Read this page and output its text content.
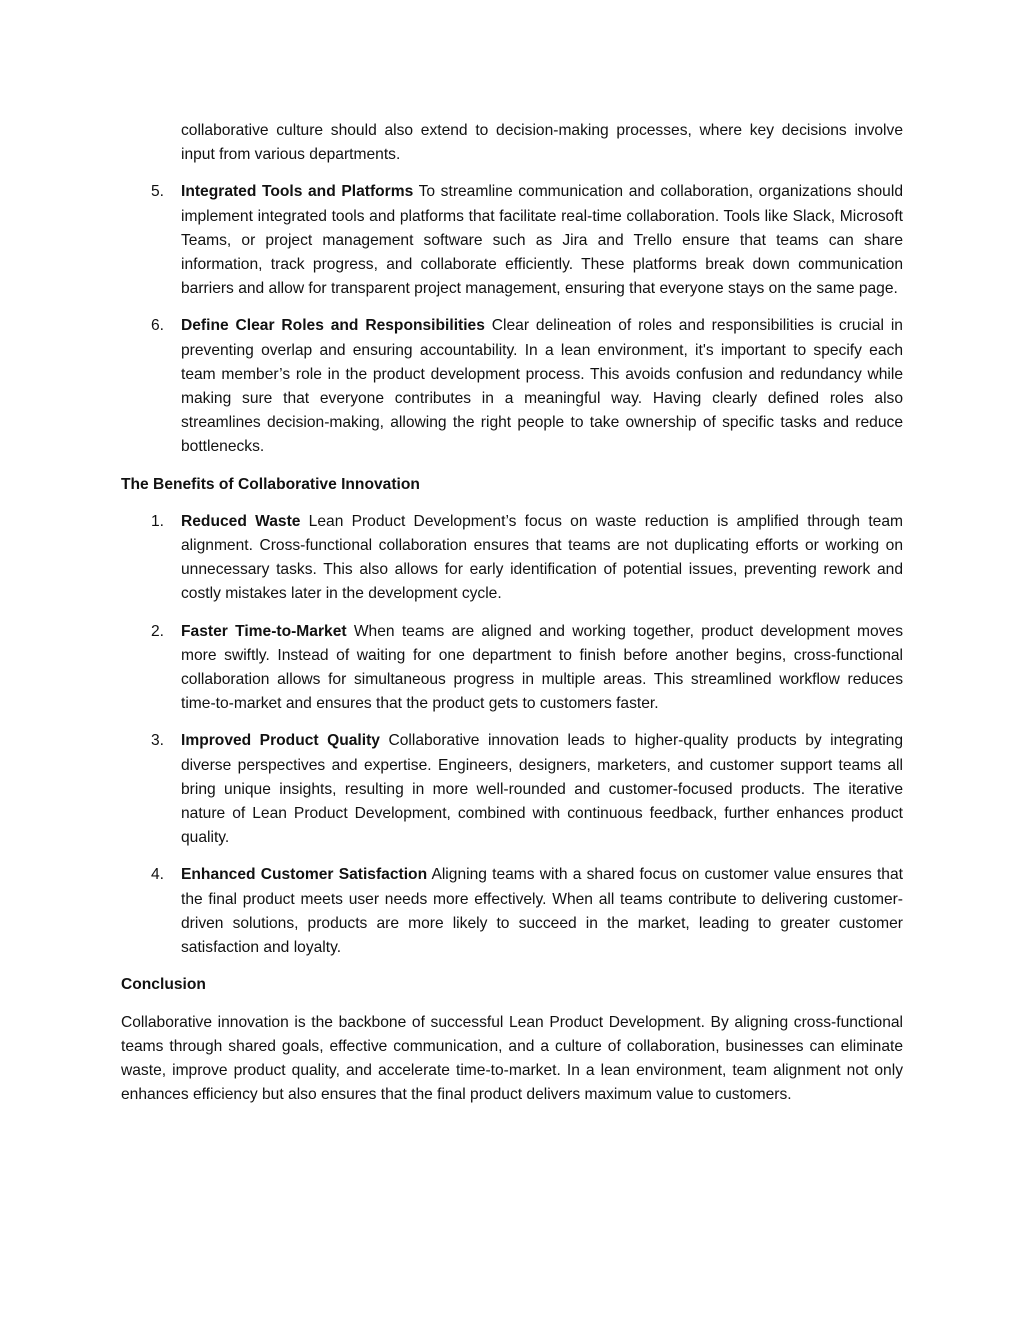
collaborative culture should also extend to decision-making processes, where key decisions involve input from various departments.

5.	Integrated Tools and Platforms To streamline communication and collaboration, organizations should implement integrated tools and platforms that facilitate real-time collaboration. Tools like Slack, Microsoft Teams, or project management software such as Jira and Trello ensure that teams can share information, track progress, and collaborate efficiently. These platforms break down communication barriers and allow for transparent project management, ensuring that everyone stays on the same page.
6.	Define Clear Roles and Responsibilities Clear delineation of roles and responsibilities is crucial in preventing overlap and ensuring accountability. In a lean environment, it's important to specify each team member’s role in the product development process. This avoids confusion and redundancy while making sure that everyone contributes in a meaningful way. Having clearly defined roles also streamlines decision-making, allowing the right people to take ownership of specific tasks and reduce bottlenecks.

The Benefits of Collaborative Innovation

1.	Reduced Waste Lean Product Development’s focus on waste reduction is amplified through team alignment. Cross-functional collaboration ensures that teams are not duplicating efforts or working on unnecessary tasks. This also allows for early identification of potential issues, preventing rework and costly mistakes later in the development cycle.
2.	Faster Time-to-Market When teams are aligned and working together, product development moves more swiftly. Instead of waiting for one department to finish before another begins, cross-functional collaboration allows for simultaneous progress in multiple areas. This streamlined workflow reduces time-to-market and ensures that the product gets to customers faster.
3.	Improved Product Quality Collaborative innovation leads to higher-quality products by integrating diverse perspectives and expertise. Engineers, designers, marketers, and customer support teams all bring unique insights, resulting in more well-rounded and customer-focused products. The iterative nature of Lean Product Development, combined with continuous feedback, further enhances product quality.
4.	Enhanced Customer Satisfaction Aligning teams with a shared focus on customer value ensures that the final product meets user needs more effectively. When all teams contribute to delivering customer-driven solutions, products are more likely to succeed in the market, leading to greater customer satisfaction and loyalty.

Conclusion

Collaborative innovation is the backbone of successful Lean Product Development. By aligning cross-functional teams through shared goals, effective communication, and a culture of collaboration, businesses can eliminate waste, improve product quality, and accelerate time-to-market. In a lean environment, team alignment not only enhances efficiency but also ensures that the final product delivers maximum value to customers.
